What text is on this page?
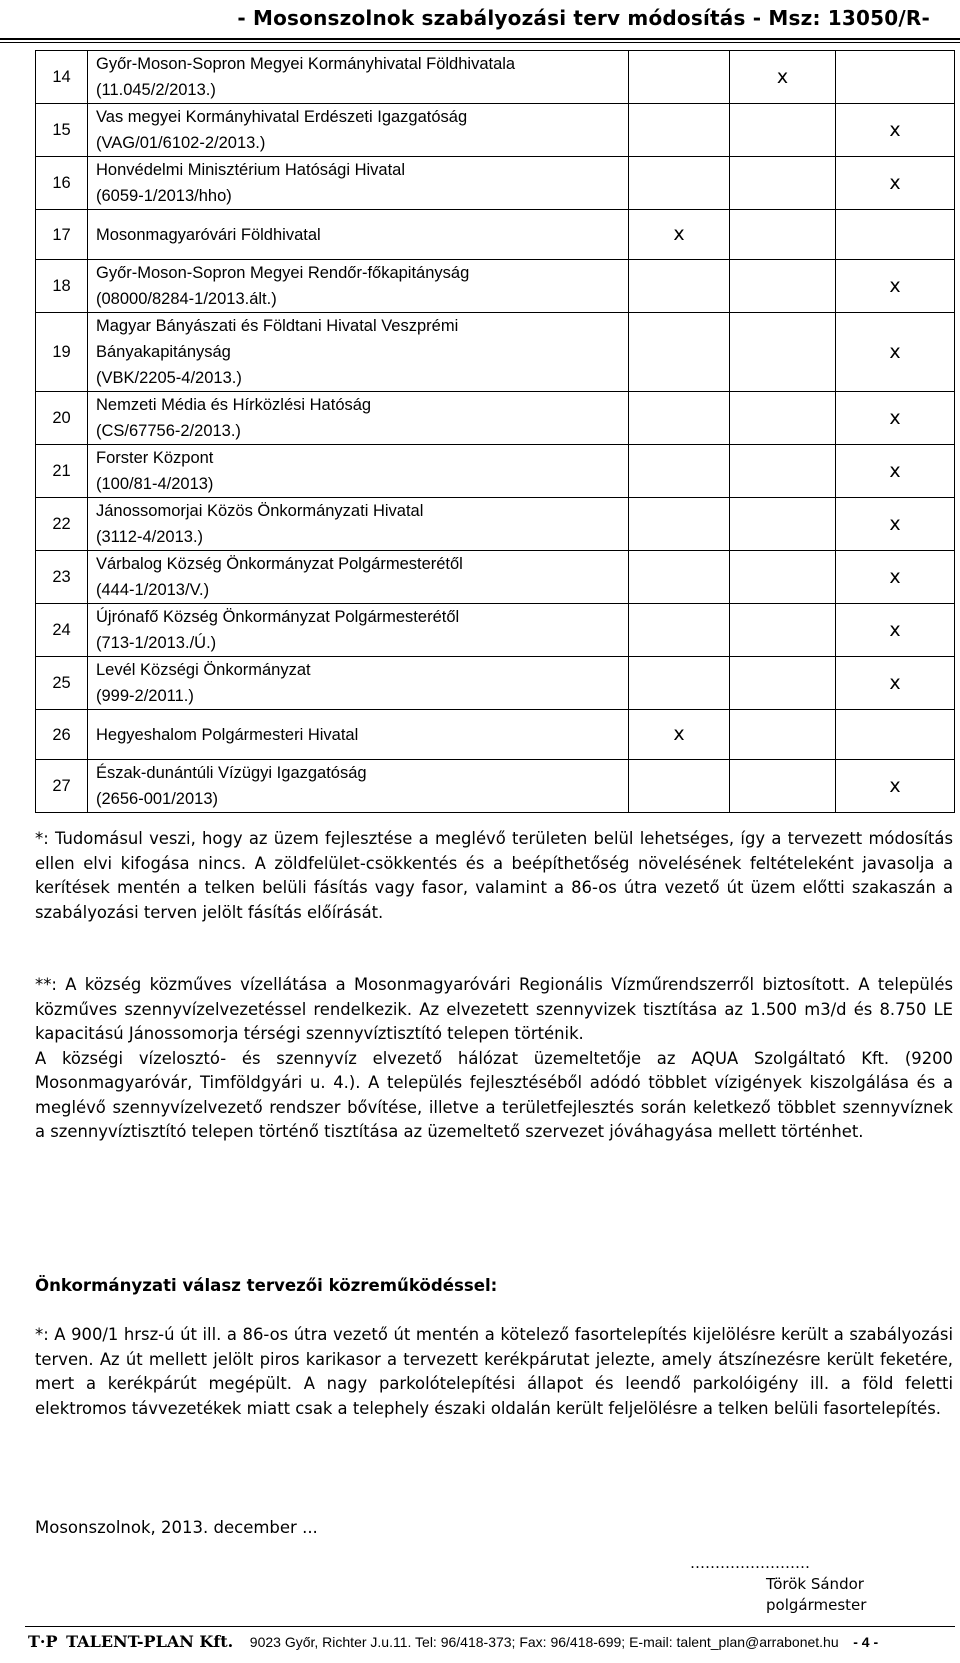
- Mosonszolnok szabályozási terv módosítás - Msz: 13050/R-
14	Győr-Moson-Sopron Megyei Kormányhivatal Földhivatala
(11.045/2/2013.)		x	
15	Vas megyei Kormányhivatal Erdészeti Igazgatóság
(VAG/01/6102-2/2013.)			x
16	Honvédelmi Minisztérium Hatósági Hivatal
(6059-1/2013/hho)			x
17	Mosonmagyaróvári Földhivatal	x		
18	Győr-Moson-Sopron Megyei Rendőr-főkapitányság
(08000/8284-1/2013.ált.)			x
19	Magyar Bányászati és Földtani Hivatal Veszprémi
Bányakapitányság
(VBK/2205-4/2013.)			x
20	Nemzeti Média és Hírközlési Hatóság
(CS/67756-2/2013.)			x
21	Forster Központ
(100/81-4/2013)			x
22	Jánossomorjai Közös Önkormányzati Hivatal
(3112-4/2013.)			x
23	Várbalog Község Önkormányzat Polgármesterétől
(444-1/2013/V.)			x
24	Újrónafő Község Önkormányzat Polgármesterétől
(713-1/2013./Ú.)			x
25	Levél Községi Önkormányzat
(999-2/2011.)			x
26	Hegyeshalom Polgármesteri Hivatal	x		
27	Észak-dunántúli Vízügyi Igazgatóság
(2656-001/2013)			x

*: Tudomásul veszi, hogy az üzem fejlesztése a meglévő területen belül lehetséges, így a tervezett módosítás ellen elvi kifogása nincs. A zöldfelület-csökkentés és a beépíthetőség növelésének feltételeként javasolja a kerítések mentén a telken belüli fásítás vagy fasor, valamint a 86-os útra vezető út üzem előtti szakaszán a szabályozási terven jelölt fásítás előírását.

**: A község közműves vízellátása a Mosonmagyaróvári Regionális Vízműrendszerről biztosított. A település közműves szennyvízelvezetéssel rendelkezik. Az elvezetett szennyvizek tisztítása az 1.500 m3/d és 8.750 LE kapacitású Jánossomorja térségi szennyvíztisztító telepen történik.

A községi vízelosztó- és szennyvíz elvezető hálózat üzemeltetője az AQUA Szolgáltató Kft. (9200 Mosonmagyaróvár, Timföldgyári u. 4.). A település fejlesztéséből adódó többlet vízigények kiszolgálása és a meglévő szennyvízelvezető rendszer bővítése, illetve a területfejlesztés során keletkező többlet szennyvíznek a szennyvíztisztító telepen történő tisztítása az üzemeltető szervezet jóváhagyása mellett történhet.

Önkormányzati válasz tervezői közreműködéssel:

*: A 900/1 hrsz-ú út ill. a 86-os útra vezető út mentén a kötelező fasortelepítés kijelölésre került a szabályozási terven. Az út mellett jelölt piros karikasor a tervezett kerékpárutat jelezte, amely átszínezésre került feketére, mert a kerékpárút megépült. A nagy parkolótelepítési állapot és leendő parkolóigény ill. a föld feletti elektromos távvezetékek miatt csak a telephely északi oldalán került feljelölésre a telken belüli fasortelepítés.

Mosonszolnok, 2013. december ...
……………………
Török Sándor
polgármester
T·P TALENT-PLAN Kft. 9023 Győr, Richter J.u.11. Tel: 96/418-373; Fax: 96/418-699; E-mail: talent_plan@arrabonet.hu - 4 -
